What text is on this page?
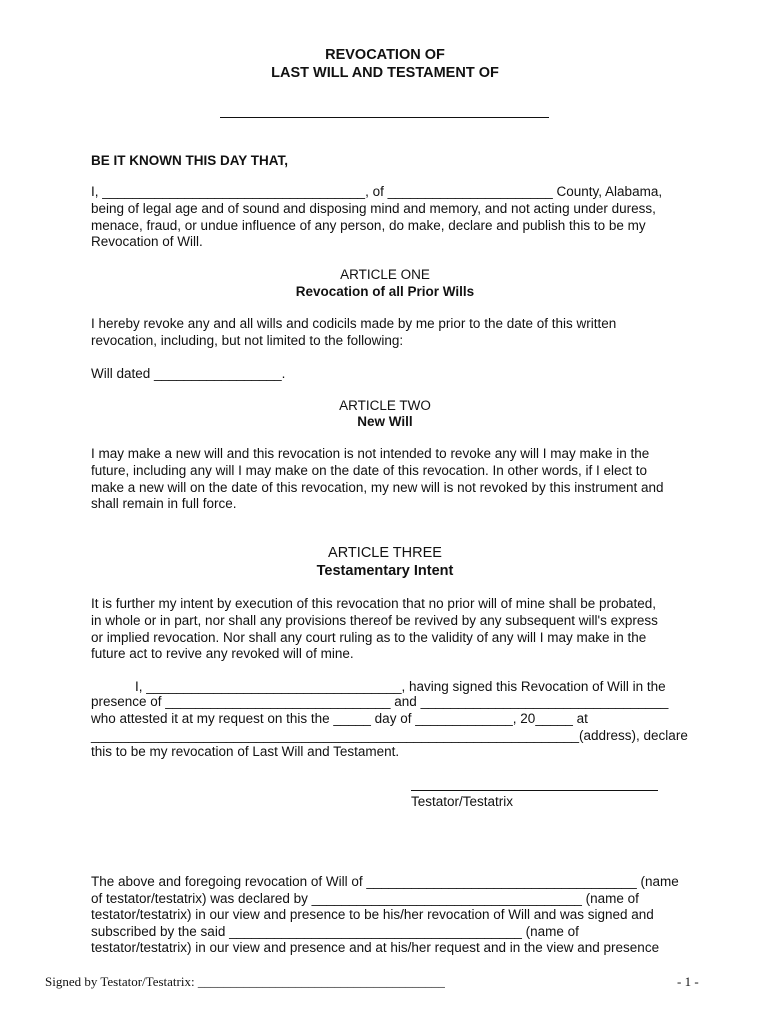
REVOCATION OF
LAST WILL AND TESTAMENT OF
BE IT KNOWN THIS DAY THAT,
I, ___________________________________, of ______________________ County, Alabama,
being of legal age and of sound and disposing mind and memory, and not acting under duress,
menace, fraud, or undue influence of any person, do make, declare and publish this to be my
Revocation of Will.
ARTICLE ONE
Revocation of all Prior Wills
I hereby revoke any and all wills and codicils made by me prior to the date of this written
revocation, including, but not limited to the following:
Will dated _________________.
ARTICLE TWO
New Will
I may make a new will and this revocation is not intended to revoke any will I may make in the
future, including any will I may make on the date of this revocation. In other words, if I elect to
make a new will on the date of this revocation, my new will is not revoked by this instrument and
shall remain in full force.
ARTICLE THREE
Testamentary Intent
It is further my intent by execution of this revocation that no prior will of mine shall be probated,
in whole or in part, nor shall any provisions thereof be revived by any subsequent will's express
or implied revocation. Nor shall any court ruling as to the validity of any will I may make in the
future act to revive any revoked will of mine.
I, __________________________________, having signed this Revocation of Will in the
presence of ______________________________ and _________________________________
who attested it at my request on this the _____ day of _____________, 20_____ at
_________________________________________________________________(address), declare
this to be my revocation of Last Will and Testament.
Testator/Testatrix
The above and foregoing revocation of Will of ____________________________________ (name
of testator/testatrix) was declared by ____________________________________ (name of
testator/testatrix) in our view and presence to be his/her revocation of Will and was signed and
subscribed by the said _______________________________________ (name of
testator/testatrix) in our view and presence and at his/her request and in the view and presence
Signed by Testator/Testatrix: ______________________________________	- 1 -
